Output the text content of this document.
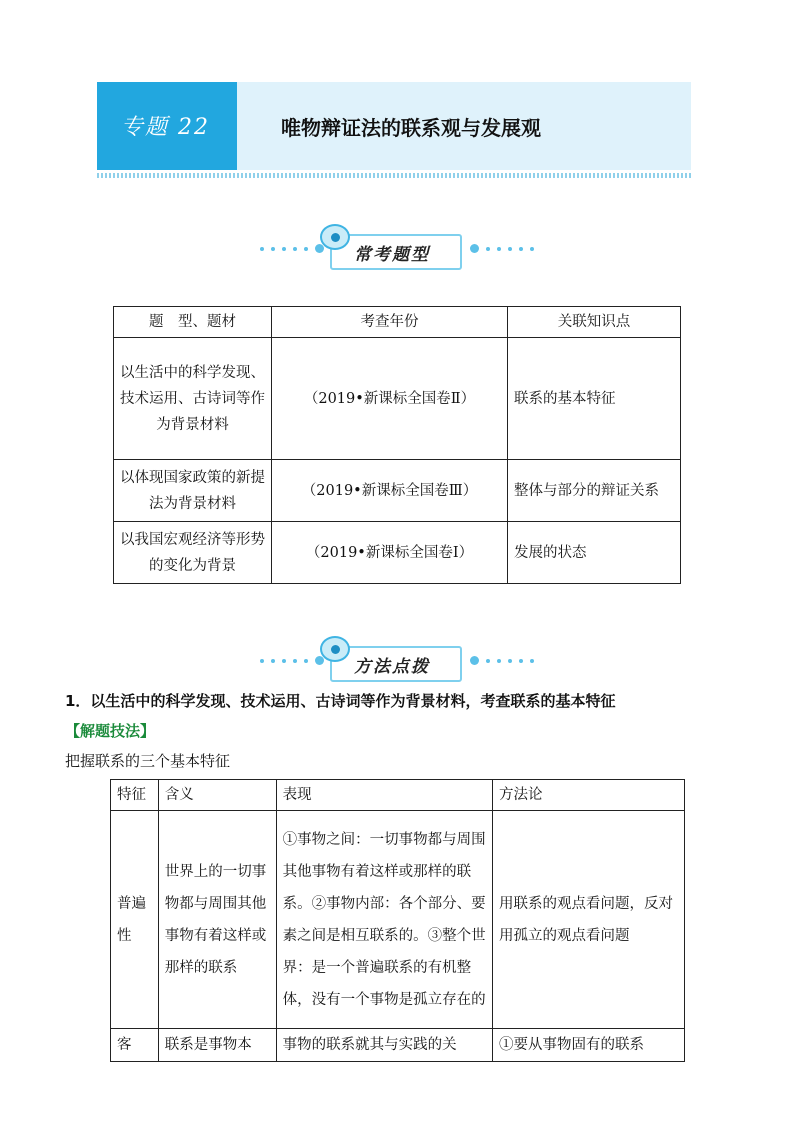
专题 22	唯物辩证法的联系观与发展观
常考题型
题　型、题材	考查年份	关联知识点
以生活中的科学发现、技术运用、古诗词等作为背景材料	（2019•新课标全国卷Ⅱ）	联系的基本特征
以体现国家政策的新提法为背景材料	（2019•新课标全国卷Ⅲ）	整体与部分的辩证关系
以我国宏观经济等形势的变化为背景	（2019•新课标全国卷Ⅰ）	发展的状态
方法点拨
1．以生活中的科学发现、技术运用、古诗词等作为背景材料，考查联系的基本特征
【解题技法】
把握联系的三个基本特征
特征	含义	表现	方法论
普遍性	世界上的一切事物都与周围其他事物有着这样或那样的联系	①事物之间：一切事物都与周围其他事物有着这样或那样的联系。②事物内部：各个部分、要素之间是相互联系的。③整个世界：是一个普遍联系的有机整体，没有一个事物是孤立存在的	用联系的观点看问题，反对用孤立的观点看问题
客	联系是事物本	事物的联系就其与实践的关	①要从事物固有的联系
